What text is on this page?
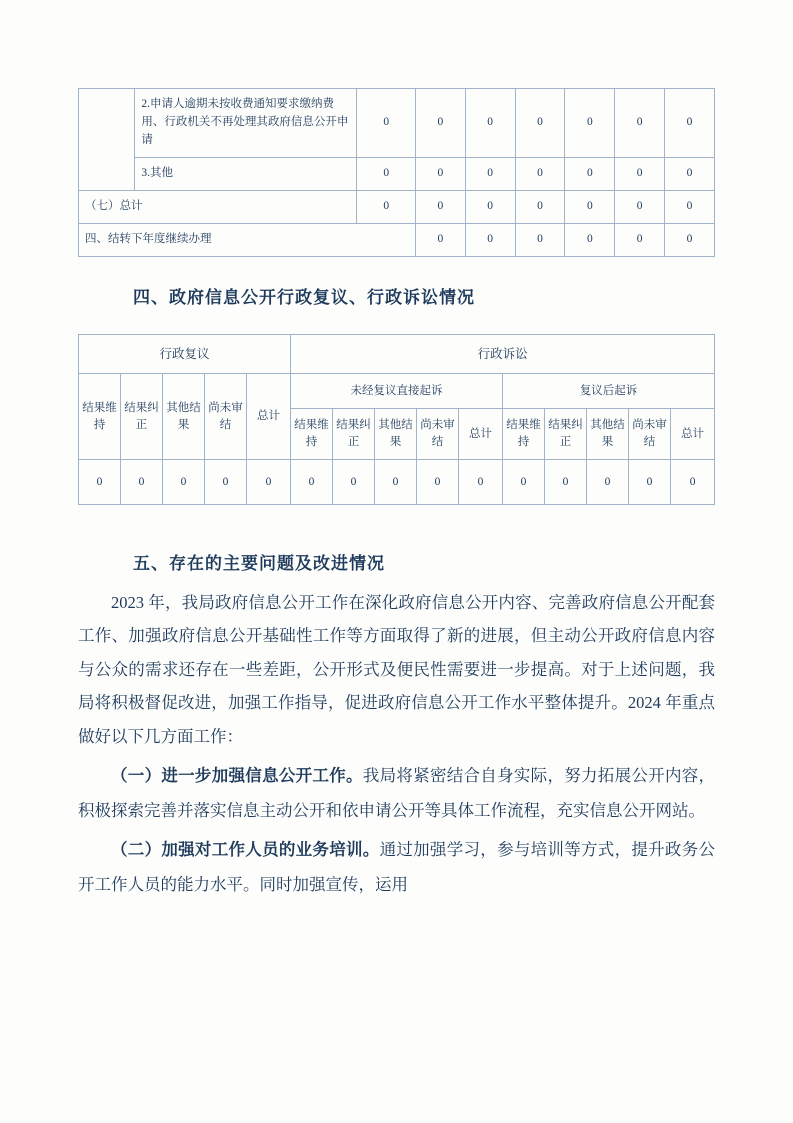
	2.申请人逾期未按收费通知要求缴纳费用、行政机关不再处理其政府信息公开申请	0	0	0	0	0	0	0
	3.其他	0	0	0	0	0	0	0
（七）总计		0	0	0	0	0	0	0
四、结转下年度继续办理			0	0	0	0	0	0
四、政府信息公开行政复议、行政诉讼情况
行政复议					行政诉讼									
结果维持	结果纠正	其他结果	尚未审结	总计	未经复议直接起诉					复议后起诉				
					结果维持	结果纠正	其他结果	尚未审结	总计	结果维持	结果纠正	其他结果	尚未审结	总计
0	0	0	0	0	0	0	0	0	0	0	0	0	0	0
五、存在的主要问题及改进情况

2023 年，我局政府信息公开工作在深化政府信息公开内容、完善政府信息公开配套工作、加强政府信息公开基础性工作等方面取得了新的进展，但主动公开政府信息内容与公众的需求还存在一些差距，公开形式及便民性需要进一步提高。对于上述问题，我局将积极督促改进，加强工作指导，促进政府信息公开工作水平整体提升。2024 年重点做好以下几方面工作：

（一）进一步加强信息公开工作。我局将紧密结合自身实际，努力拓展公开内容，积极探索完善并落实信息主动公开和依申请公开等具体工作流程，充实信息公开网站。

（二）加强对工作人员的业务培训。通过加强学习，参与培训等方式，提升政务公开工作人员的能力水平。同时加强宣传，运用
